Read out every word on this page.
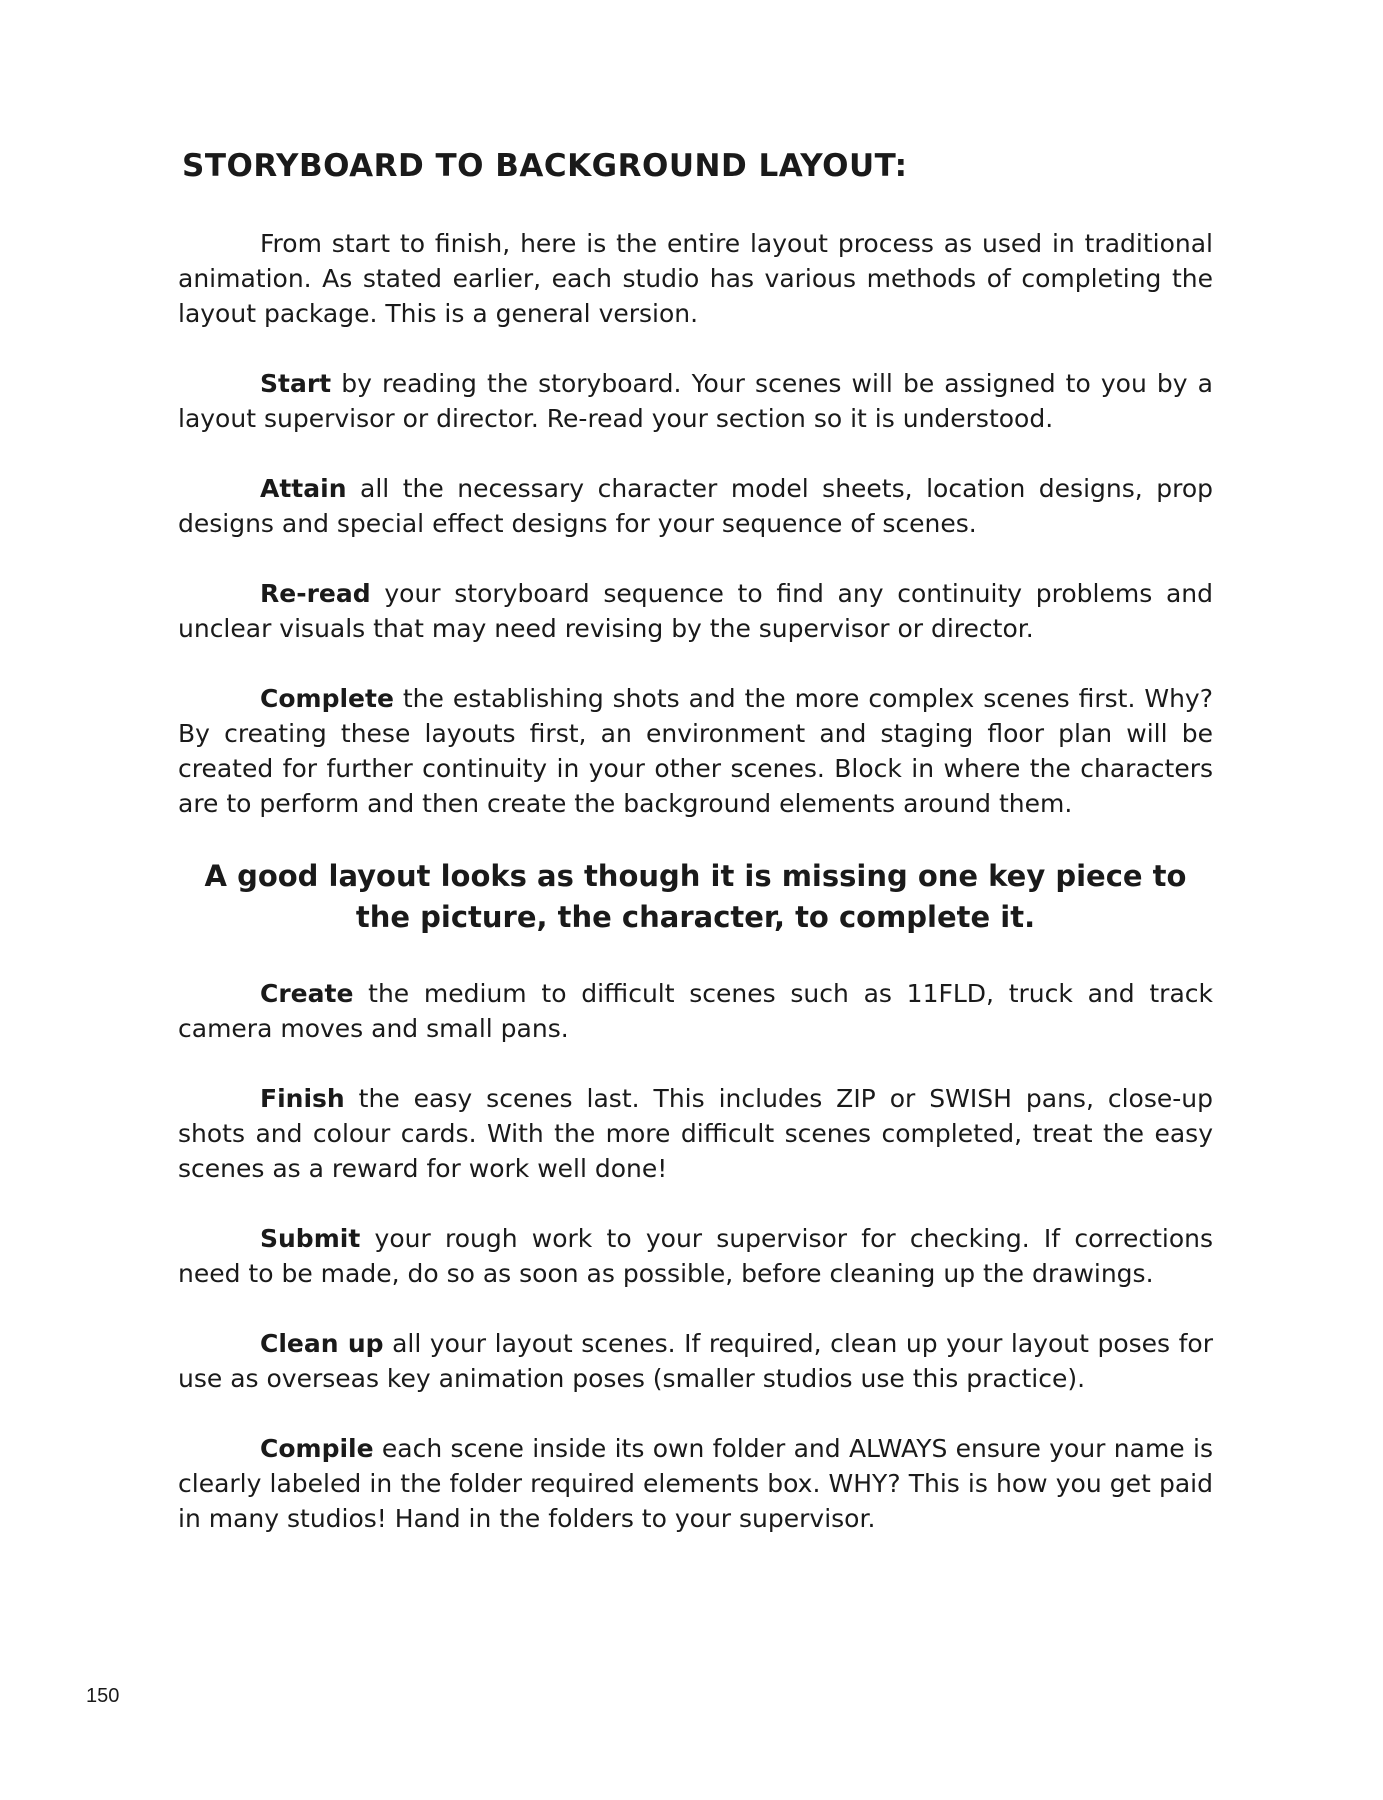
STORYBOARD TO BACKGROUND LAYOUT:

From start to finish, here is the entire layout process as used in traditional animation. As stated earlier, each studio has various methods of completing the layout package. This is a general version.

Start by reading the storyboard. Your scenes will be assigned to you by a layout supervisor or director. Re-read your section so it is understood.

Attain all the necessary character model sheets, location designs, prop designs and special effect designs for your sequence of scenes.

Re-read your storyboard sequence to find any continuity problems and unclear visuals that may need revising by the supervisor or director.

Complete the establishing shots and the more complex scenes first. Why? By creating these layouts first, an environment and staging floor plan will be created for further continuity in your other scenes. Block in where the characters are to perform and then create the background elements around them.

A good layout looks as though it is missing one key piece to the picture, the character, to complete it.

Create the medium to difficult scenes such as 11FLD, truck and track camera moves and small pans.

Finish the easy scenes last. This includes ZIP or SWISH pans, close-up shots and colour cards. With the more difficult scenes completed, treat the easy scenes as a reward for work well done!

Submit your rough work to your supervisor for checking. If corrections need to be made, do so as soon as possible, before cleaning up the drawings.

Clean up all your layout scenes. If required, clean up your layout poses for use as overseas key animation poses (smaller studios use this practice).

Compile each scene inside its own folder and ALWAYS ensure your name is clearly labeled in the folder required elements box. WHY? This is how you get paid in many studios! Hand in the folders to your supervisor.

150
